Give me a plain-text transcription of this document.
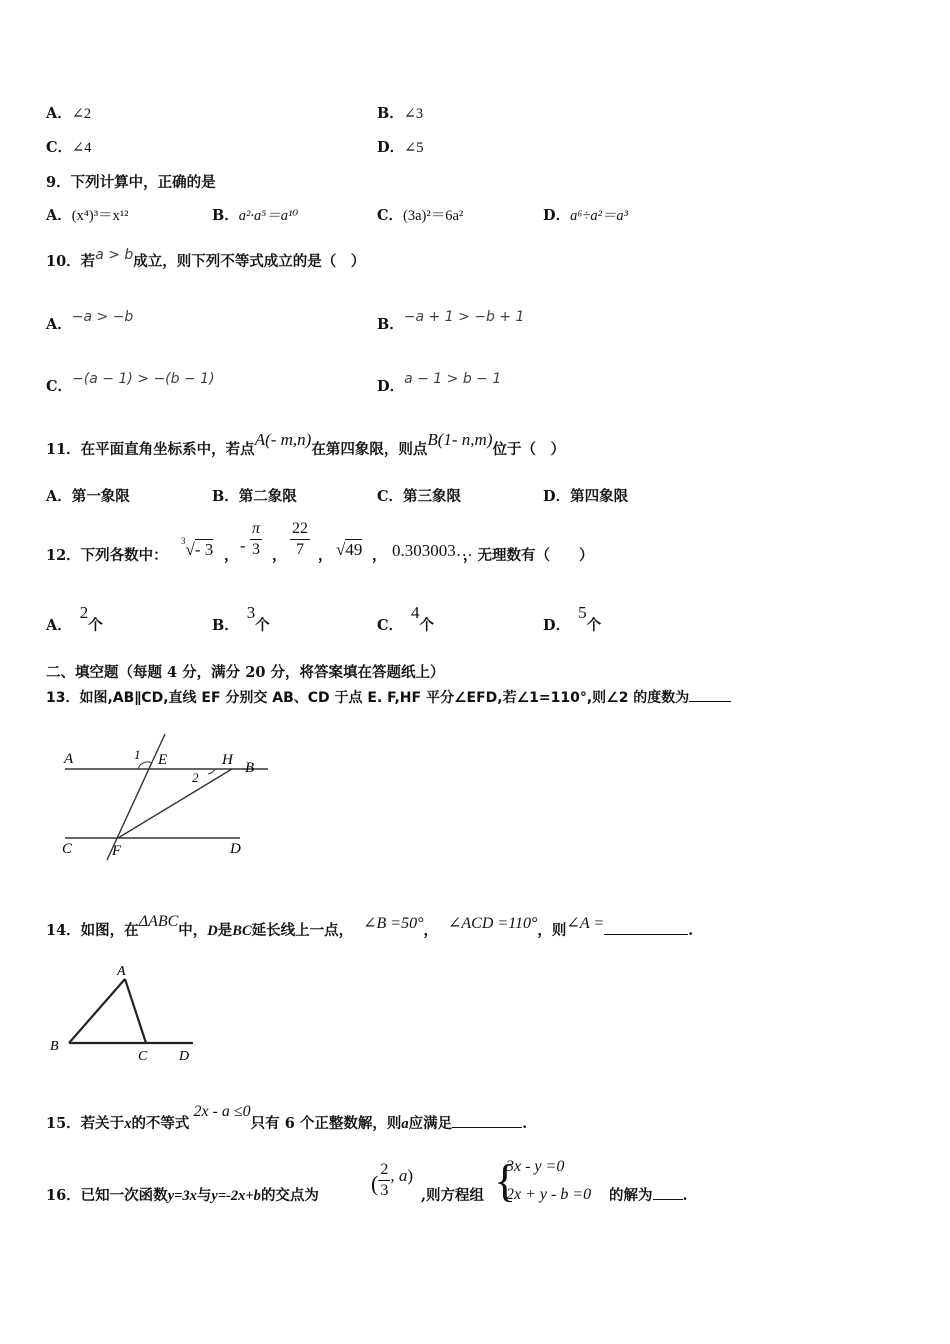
A．∠2	B．∠3
C．∠4	D．∠5
9．下列计算中，正确的是
A．(x⁴)³＝x¹²	B．a²·a⁵＝a¹⁰	C．(3a)²＝6a²	D．a⁶÷a²＝a³
10．若a > b成立，则下列不等式成立的是（　）
A．−a > −b	B．−a + 1 > −b + 1
C．−(a − 1) > −(b − 1)	D．a − 1 > b − 1
11．在平面直角坐标系中，若点A(- m,n)在第四象限，则点B(1- n,m)位于（　）
A．第一象限	B．第二象限	C．第三象限	D．第四象限
12．下列各数中：
$^3$√- 3 ，
- $\frac{\pi}{3}$ ， $\frac{22}{7}$ ， √49 ， 0.303003…
，无理数有（　　）
A．2个	B．3个	C．4个	D．5个
二、填空题（每题 4 分，满分 20 分，将答案填在答题纸上）
13．如图,AB∥CD,直线 EF 分别交 AB、CD 于点 E. F,HF 平分∠EFD,若∠1=110°,则∠2 的度数为
A
B
C	D
E
F
H
1
2
14．如图，在ΔABC中，D是BC延长线上一点， ∠B =50°， ∠ACD =110°，则∠A =	.
A
B
C D
15．若关于x的不等式2x - a ≤0只有 6 个正整数解，则a应满足	.
16．已知一次函数y=3x与y=-2x+b的交点为 ( $\frac{2}{3}$ , a)
,则方程组 {
3x - y =0
2x + y - b =0 的解为 .
